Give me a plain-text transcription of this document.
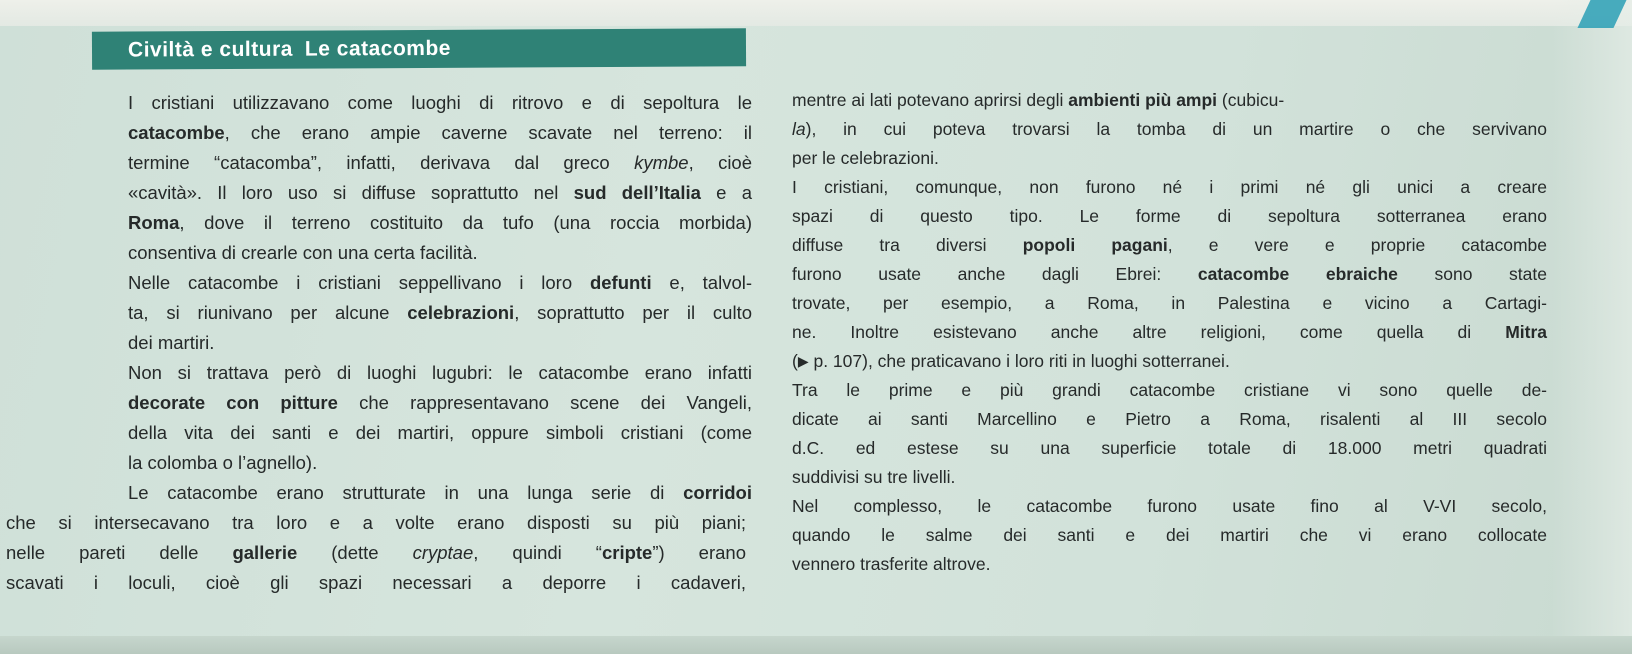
Civiltà e cultura Le catacombe
I cristiani utilizzavano come luoghi di ritrovo e di sepoltura le
catacombe, che erano ampie caverne scavate nel terreno: il
termine “catacomba”, infatti, derivava dal greco kymbe, cioè
«cavità». Il loro uso si diffuse soprattutto nel sud dell’Italia e a
Roma, dove il terreno costituito da tufo (una roccia morbida)
consentiva di crearle con una certa facilità.
Nelle catacombe i cristiani seppellivano i loro defunti e, talvol-
ta, si riunivano per alcune celebrazioni, soprattutto per il culto
dei martiri.
Non si trattava però di luoghi lugubri: le catacombe erano infatti
decorate con pitture che rappresentavano scene dei Vangeli,
della vita dei santi e dei martiri, oppure simboli cristiani (come
la colomba o l’agnello).
Le catacombe erano strutturate in una lunga serie di corridoi
che si intersecavano tra loro e a volte erano disposti su più piani;
nelle pareti delle gallerie (dette cryptae, quindi “cripte”) erano
scavati i loculi, cioè gli spazi necessari a deporre i cadaveri,
mentre ai lati potevano aprirsi degli ambienti più ampi (cubicu-
la), in cui poteva trovarsi la tomba di un martire o che servivano
per le celebrazioni.
I cristiani, comunque, non furono né i primi né gli unici a creare
spazi di questo tipo. Le forme di sepoltura sotterranea erano
diffuse tra diversi popoli pagani, e vere e proprie catacombe
furono usate anche dagli Ebrei: catacombe ebraiche sono state
trovate, per esempio, a Roma, in Palestina e vicino a Cartagi-
ne. Inoltre esistevano anche altre religioni, come quella di Mitra
(▶ p. 107), che praticavano i loro riti in luoghi sotterranei.
Tra le prime e più grandi catacombe cristiane vi sono quelle de-
dicate ai santi Marcellino e Pietro a Roma, risalenti al III secolo
d.C. ed estese su una superficie totale di 18.000 metri quadrati
suddivisi su tre livelli.
Nel complesso, le catacombe furono usate fino al V-VI secolo,
quando le salme dei santi e dei martiri che vi erano collocate
vennero trasferite altrove.
